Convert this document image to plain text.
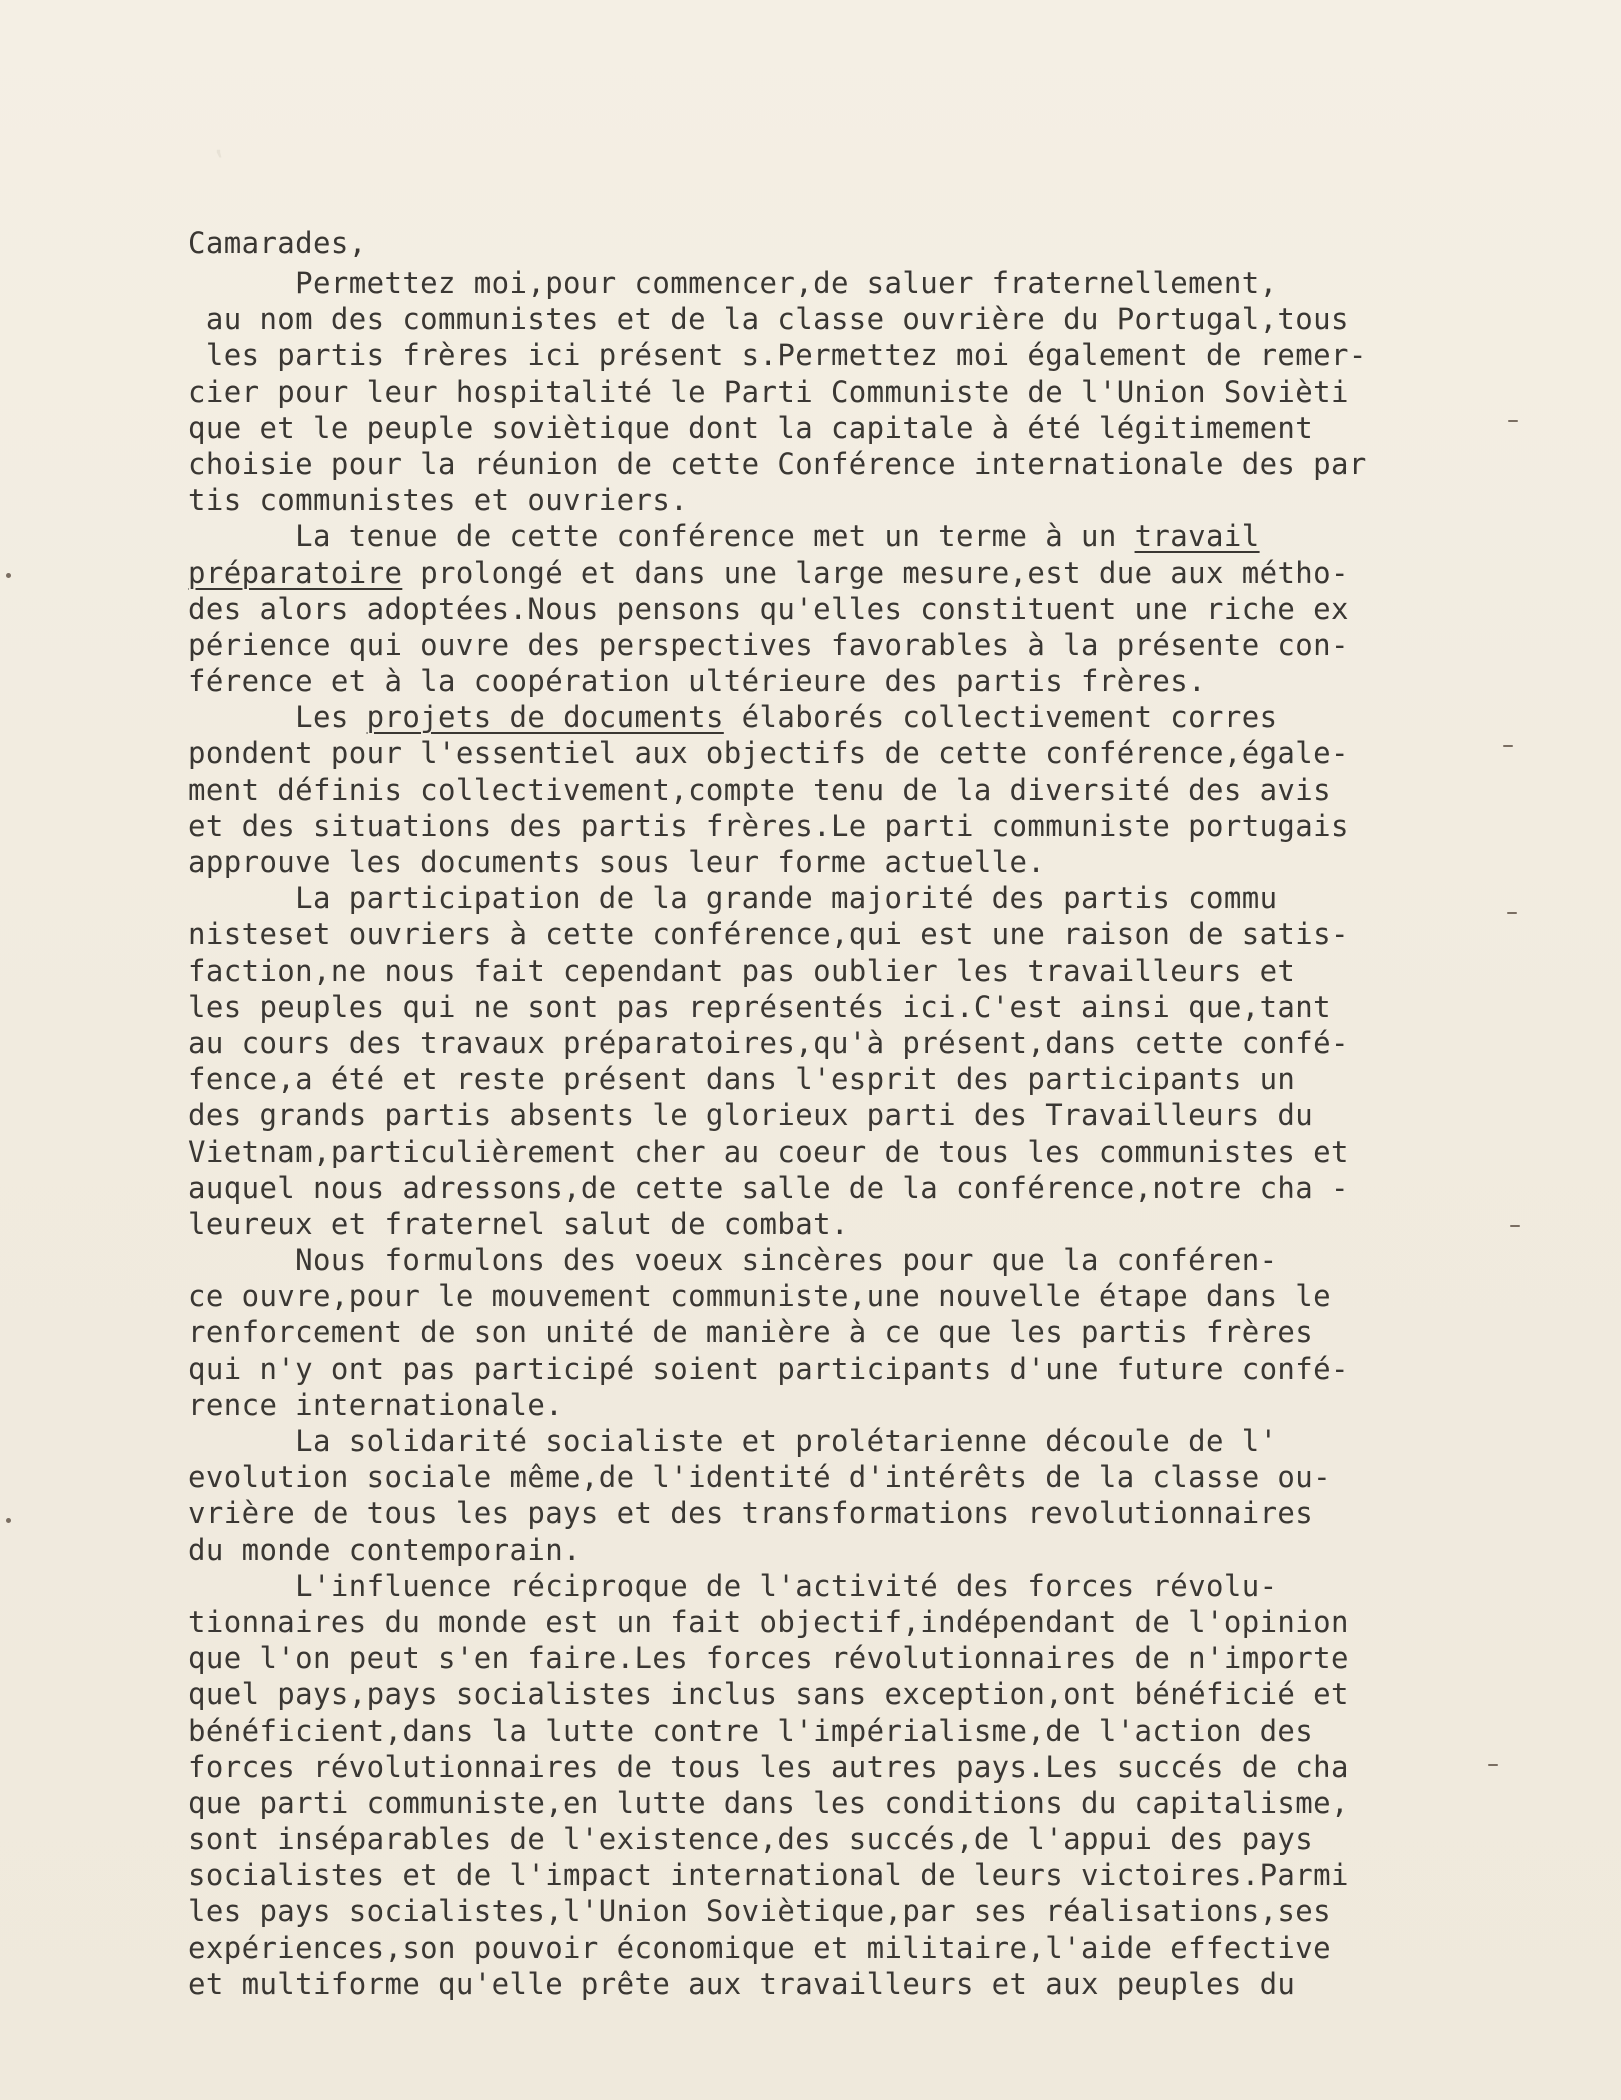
,
Camarades,
Permettez moi,pour commencer,de saluer fraternellement,
au nom des communistes et de la classe ouvrière du Portugal,tous
les partis frères ici présent s.Permettez moi également de remer-
cier pour leur hospitalité le Parti Communiste de l'Union Sovièti
que et le peuple soviètique dont la capitale à été légitimement
choisie pour la réunion de cette Conférence internationale des par
tis communistes et ouvriers.
La tenue de cette conférence met un terme à un travail
préparatoire prolongé et dans une large mesure,est due aux métho-
des alors adoptées.Nous pensons qu'elles constituent une riche ex
périence qui ouvre des perspectives favorables à la présente con-
férence et à la coopération ultérieure des partis frères.
Les projets de documents élaborés collectivement corres
pondent pour l'essentiel aux objectifs de cette conférence,égale-
ment définis collectivement,compte tenu de la diversité des avis
et des situations des partis frères.Le parti communiste portugais
approuve les documents sous leur forme actuelle.
La participation de la grande majorité des partis commu
nisteset ouvriers à cette conférence,qui est une raison de satis-
faction,ne nous fait cependant pas oublier les travailleurs et
les peuples qui ne sont pas représentés ici.C'est ainsi que,tant
au cours des travaux préparatoires,qu'à présent,dans cette confé-
fence,a été et reste présent dans l'esprit des participants un
des grands partis absents le glorieux parti des Travailleurs du
Vietnam,particulièrement cher au coeur de tous les communistes et
auquel nous adressons,de cette salle de la conférence,notre cha -
leureux et fraternel salut de combat.
Nous formulons des voeux sincères pour que la conféren-
ce ouvre,pour le mouvement communiste,une nouvelle étape dans le
renforcement de son unité de manière à ce que les partis frères
qui n'y ont pas participé soient participants d'une future confé-
rence internationale.
La solidarité socialiste et prolétarienne découle de l'
evolution sociale même,de l'identité d'intérêts de la classe ou-
vrière de tous les pays et des transformations revolutionnaires
du monde contemporain.
L'influence réciproque de l'activité des forces révolu-
tionnaires du monde est un fait objectif,indépendant de l'opinion
que l'on peut s'en faire.Les forces révolutionnaires de n'importe
quel pays,pays socialistes inclus sans exception,ont bénéficié et
bénéficient,dans la lutte contre l'impérialisme,de l'action des
forces révolutionnaires de tous les autres pays.Les succés de cha
que parti communiste,en lutte dans les conditions du capitalisme,
sont inséparables de l'existence,des succés,de l'appui des pays
socialistes et de l'impact international de leurs victoires.Parmi
les pays socialistes,l'Union Soviètique,par ses réalisations,ses
expériences,son pouvoir économique et militaire,l'aide effective
et multiforme qu'elle prête aux travailleurs et aux peuples du
